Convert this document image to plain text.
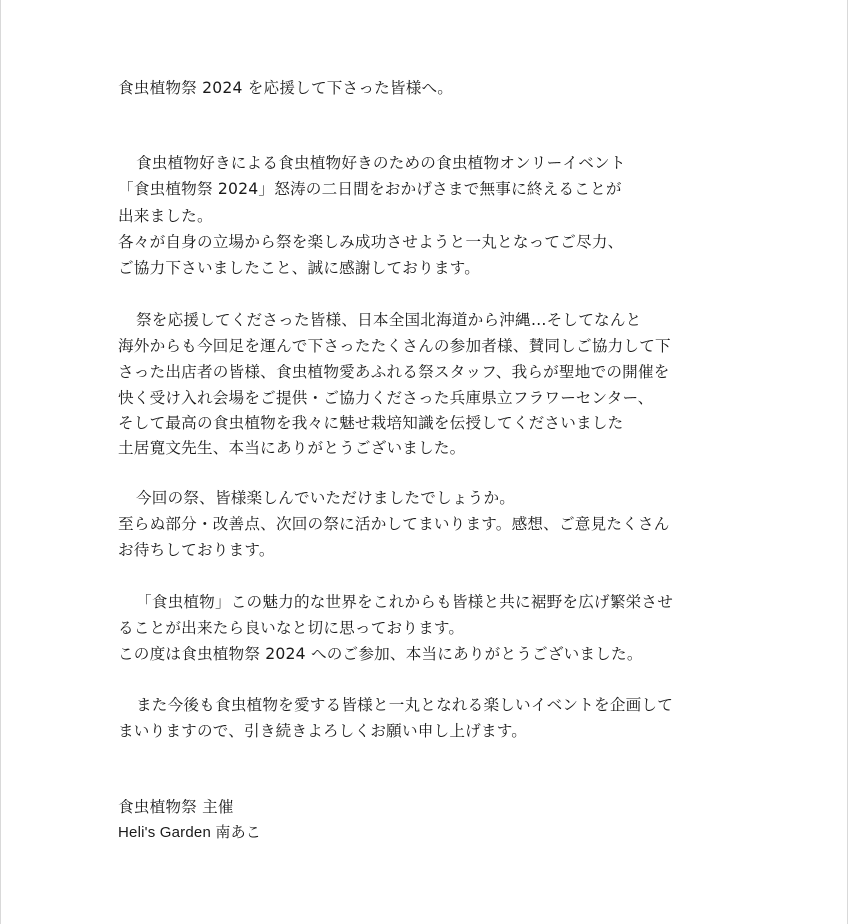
食虫植物祭 2024 を応援して下さった皆様へ。
食虫植物好きによる食虫植物好きのための食虫植物オンリーイベント
「食虫植物祭 2024」怒涛の二日間をおかげさまで無事に終えることが
出来ました。
各々が自身の立場から祭を楽しみ成功させようと一丸となってご尽力、
ご協力下さいましたこと、誠に感謝しております。
祭を応援してくださった皆様、日本全国北海道から沖縄…そしてなんと
海外からも今回足を運んで下さったたくさんの参加者様、賛同しご協力して下
さった出店者の皆様、食虫植物愛あふれる祭スタッフ、我らが聖地での開催を
快く受け入れ会場をご提供・ご協力くださった兵庫県立フラワーセンター、
そして最高の食虫植物を我々に魅せ栽培知識を伝授してくださいました
土居寛文先生、本当にありがとうございました。
今回の祭、皆様楽しんでいただけましたでしょうか。
至らぬ部分・改善点、次回の祭に活かしてまいります。感想、ご意見たくさん
お待ちしております。
「食虫植物」この魅力的な世界をこれからも皆様と共に裾野を広げ繁栄させ
ることが出来たら良いなと切に思っております。
この度は食虫植物祭 2024 へのご参加、本当にありがとうございました。
また今後も食虫植物を愛する皆様と一丸となれる楽しいイベントを企画して
まいりますので、引き続きよろしくお願い申し上げます。
食虫植物祭 主催
Heli's Garden 南あこ
